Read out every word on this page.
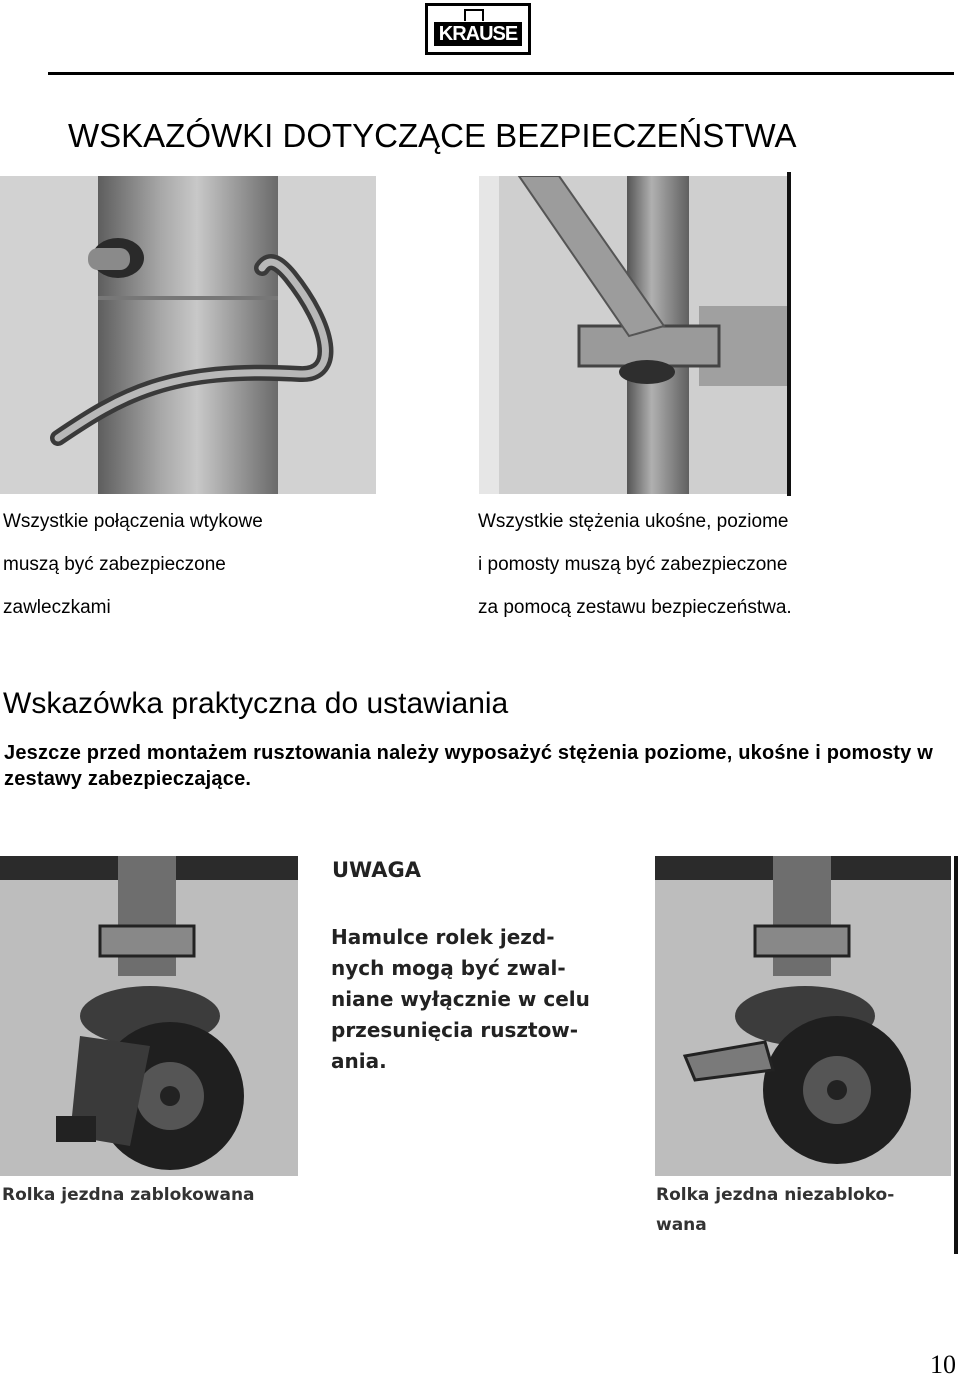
KRAUSE
WSKAZÓWKI DOTYCZĄCE BEZPIECZEŃSTWA
Wszystkie połączenia wtykowe
muszą być zabezpieczone
zawleczkami
Wszystkie stężenia ukośne, poziome
i pomosty muszą być zabezpieczone
za pomocą zestawu bezpieczeństwa.
Wskazówka praktyczna do ustawiania
Jeszcze przed montażem rusztowania należy wyposażyć stężenia poziome, ukośne i pomosty w zestawy zabezpieczające.
UWAGA
Hamulce rolek jezd-
nych mogą być zwal-
niane wyłącznie w celu
przesunięcia rusztow-
ania.
Rolka jezdna zablokowana	Rolka jezdna niezabloko-
wana
10
